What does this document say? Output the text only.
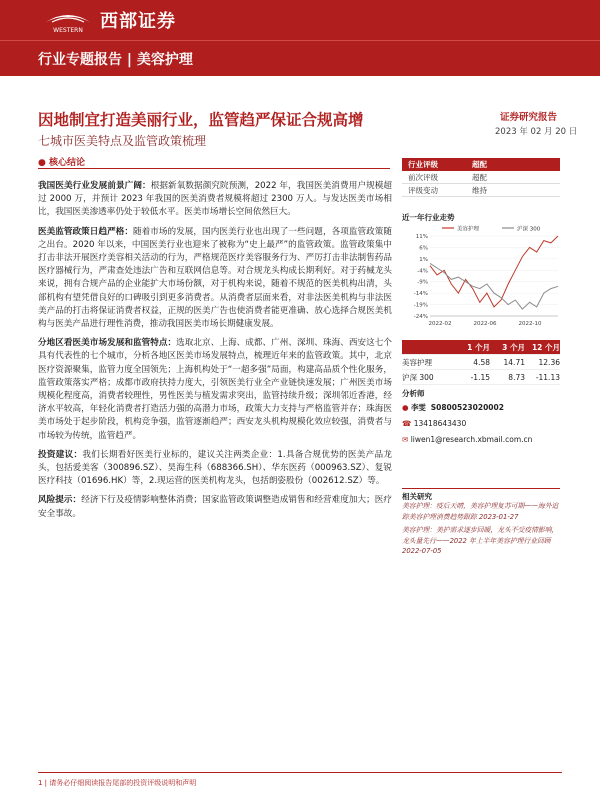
WESTERN 西部证券
行业专题报告 | 美容护理
因地制宜打造美丽行业，监管趋严保证合规高增
七城市医美特点及监管政策梳理
证券研究报告
2023 年 02 月 20 日
● 核心结论

我国医美行业发展前景广阔：根据新氧数据颜究院预测，2022 年，我国医美消费用户规模超过 2000 万，并预计 2023 年我国的医美消费者规模将超过 2300 万人。与发达医美市场相比，我国医美渗透率仍处于较低水平。医美市场增长空间依然巨大。

医美监管政策日趋严格：随着市场的发展，国内医美行业也出现了一些问题，各项监管政策随之出台。2020 年以来，中国医美行业也迎来了被称为“史上最严”的监管政策。监管政策集中打击非法开展医疗美容相关活动的行为，严格规范医疗美容服务行为、严厉打击非法制售药品医疗器械行为，严肃查处违法广告和互联网信息等。对合规龙头构成长期利好。对于药械龙头来说，拥有合规产品的企业能扩大市场份额，对于机构来说，随着不规范的医美机构出清，头部机构有望凭借良好的口碑吸引到更多消费者。从消费者层面来看，对非法医美机构与非法医美产品的打击将保证消费者权益，正规的医美广告也使消费者能更准确、放心选择合规医美机构与医美产品进行理性消费，推动我国医美市场长期健康发展。

分地区看医美市场发展和监管特点：选取北京、上海、成都、广州、深圳、珠海、西安这七个具有代表性的七个城市，分析各地区医美市场发展特点，梳理近年来的监管政策。其中，北京医疗资源聚集，监管力度全国领先；上海机构处于“一超多强”局面，构建高品质个性化服务，监管政策落实严格；成都市政府扶持力度大，引领医美行业全产业链快速发展；广州医美市场规模化程度高，消费者较理性，男性医美与植发需求突出，监管持续升级；深圳邻近香港，经济水平较高，年轻化消费者打造活力强的高潜力市场，政策大力支持与严格监管并存；珠海医美市场处于起步阶段，机构竞争强，监管逐渐趋严；西安龙头机构规模化效应较强，消费者与市场较为传统，监管趋严。

投资建议：我们长期看好医美行业标的，建议关注两类企业：1.具备合规优势的医美产品龙头，包括爱美客（300896.SZ）、昊海生科（688366.SH）、华东医药（000963.SZ）、复锐医疗科技（01696.HK）等，2.现运营的医美机构龙头，包括朗姿股份（002612.SZ）等。

风险提示：经济下行及疫情影响整体消费；国家监管政策调整造成销售和经营难度加大；医疗安全事故。

行业评级	超配
前次评级	超配
评级变动	维持
近一年行业走势
美容护理	沪深 300
11%
6%
1%
-4%
-9%
-14%
-19%
-24%
2022-02	2022-06	2022-10
1 个月	3 个月 12 个月
美容护理	4.58	14.71	12.36
沪深 300	-1.15	8.73	-11.13
分析师
● 李雯 S0800523020002
☎ 13418643430
✉ liwen1@research.xbmail.com.cn
相关研究
美容护理：疫后天晴，美容护理复苏可期——海外追踪美容护理消费趋势跟踪 2023-01-27
美容护理：美护需求逐步回暖，龙头不受疫情影响，龙头量先行——2022 年上半年美容护理行业回顾 2022-07-05
1 | 请务必仔细阅读报告尾部的投资评级说明和声明
